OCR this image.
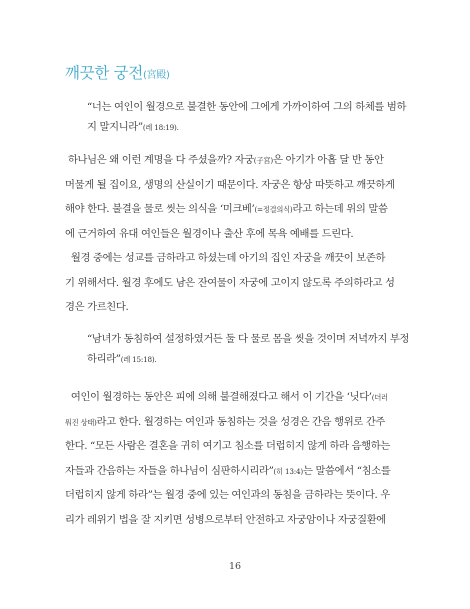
깨끗한 궁전(宮殿)
“너는 여인이 월경으로 불결한 동안에 그에게 가까이하여 그의 하체를 범하
지 말지니라”(레 18:19).
하나님은 왜 이런 계명을 다 주셨을까? 자궁(子宮)은 아기가 아홉 달 반 동안
머물게 될 집이요, 생명의 산실이기 때문이다. 자궁은 항상 따뜻하고 깨끗하게
해야 한다. 불결을 물로 씻는 의식을 ‘미크베’(=정결의식)라고 하는데 위의 말씀
에 근거하여 유대 여인들은 월경이나 출산 후에 목욕 예배를 드린다.
월경 중에는 성교를 금하라고 하셨는데 아기의 집인 자궁을 깨끗이 보존하
기 위해서다. 월경 후에도 남은 잔여물이 자궁에 고이지 않도록 주의하라고 성
경은 가르친다.
“남녀가 동침하여 설정하였거든 둘 다 물로 몸을 씻을 것이며 저녁까지 부정
하리라”(레 15:18).
여인이 월경하는 동안은 피에 의해 불결해졌다고 해서 이 기간을 ‘닛다’(더러
워진 상태)라고 한다. 월경하는 여인과 동침하는 것을 성경은 간음 행위로 간주
한다. “모든 사람은 결혼을 귀히 여기고 침소를 더럽히지 않게 하라 음행하는
자들과 간음하는 자들을 하나님이 심판하시리라”(히 13:4)는 말씀에서 “침소를
더럽히지 않게 하라”는 월경 중에 있는 여인과의 동침을 금하라는 뜻이다. 우
리가 레위기 법을 잘 지키면 성병으로부터 안전하고 자궁암이나 자궁질환에
16
